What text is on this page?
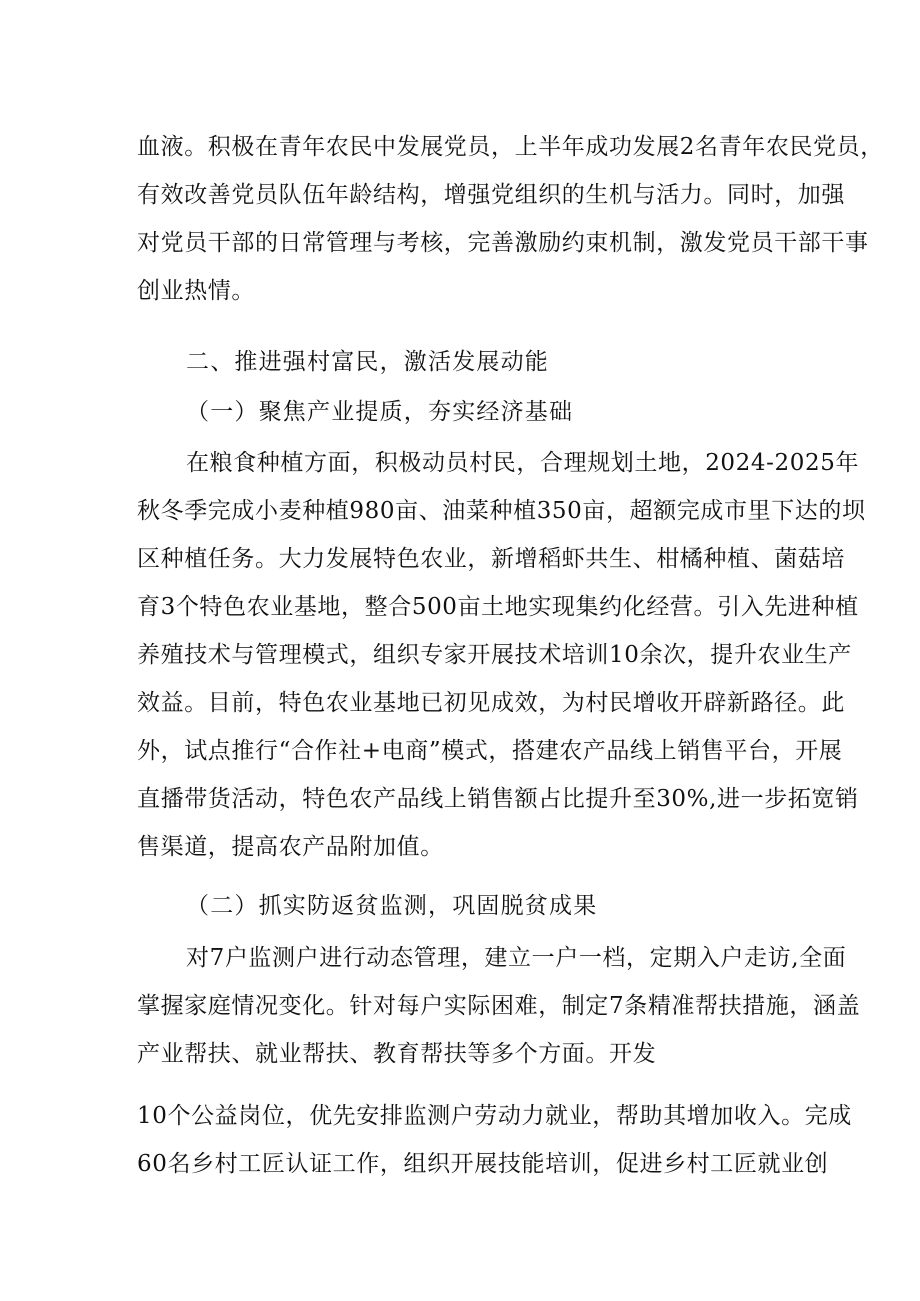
血液。积极在青年农民中发展党员，上半年成功发展2名青年农民党员，
有效改善党员队伍年龄结构，增强党组织的生机与活力。同时，加强
对党员干部的日常管理与考核，完善激励约束机制，激发党员干部干事
创业热情。
二、推进强村富民，激活发展动能
（一）聚焦产业提质，夯实经济基础
在粮食种植方面，积极动员村民，合理规划土地，2024-2025年
秋冬季完成小麦种植980亩、油菜种植350亩，超额完成市里下达的坝
区种植任务。大力发展特色农业，新增稻虾共生、柑橘种植、菌菇培
育3个特色农业基地，整合500亩土地实现集约化经营。引入先进种植
养殖技术与管理模式，组织专家开展技术培训10余次，提升农业生产
效益。目前，特色农业基地已初见成效，为村民增收开辟新路径。此
外，试点推行“合作社+电商”模式，搭建农产品线上销售平台，开展
直播带货活动，特色农产品线上销售额占比提升至30%,进一步拓宽销
售渠道，提高农产品附加值。
（二）抓实防返贫监测，巩固脱贫成果
对7户监测户进行动态管理，建立一户一档，定期入户走访,全面
掌握家庭情况变化。针对每户实际困难，制定7条精准帮扶措施，涵盖
产业帮扶、就业帮扶、教育帮扶等多个方面。开发
10个公益岗位，优先安排监测户劳动力就业，帮助其增加收入。完成
60名乡村工匠认证工作，组织开展技能培训，促进乡村工匠就业创
